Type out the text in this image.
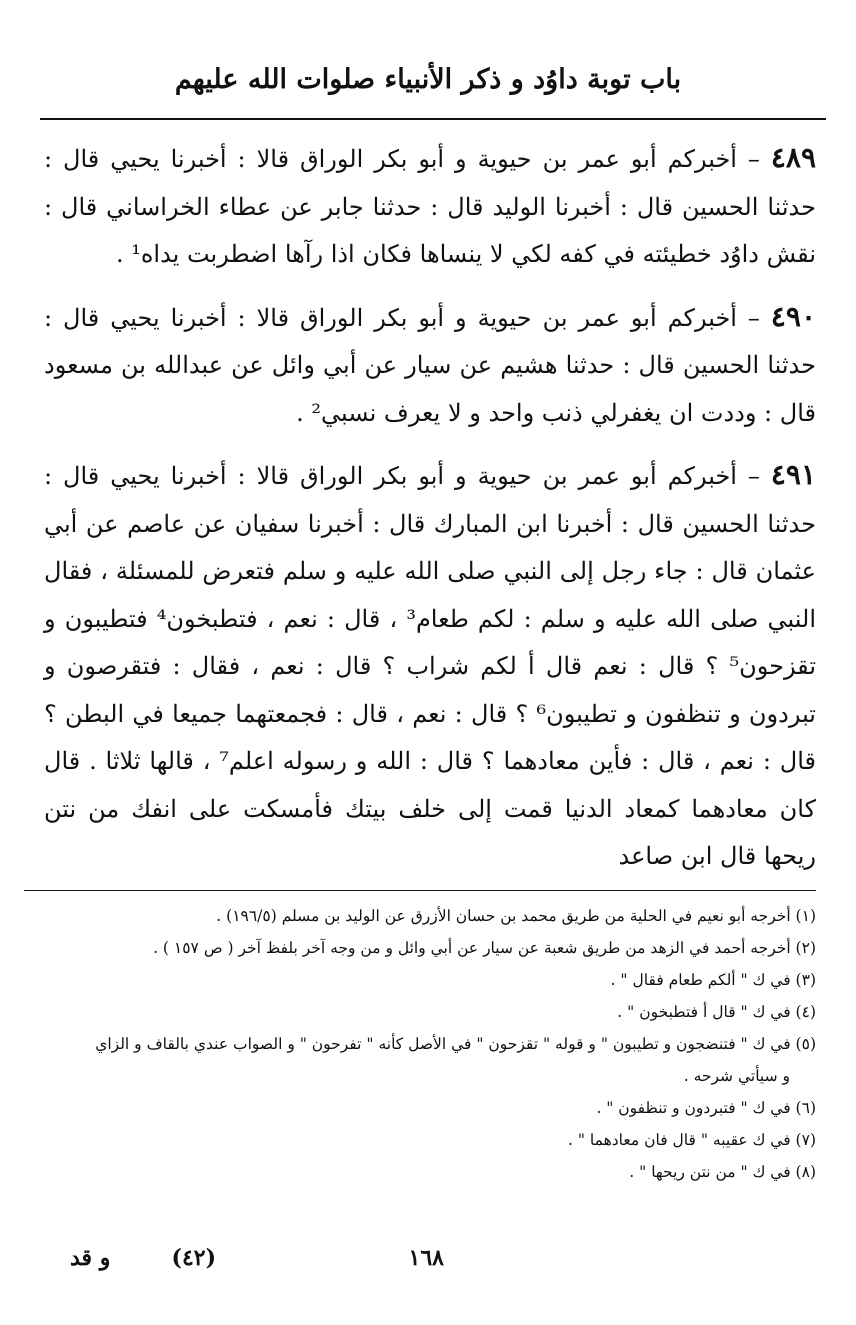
باب توبة داوُد و ذكر الأنبياء صلوات الله عليهم

٤٨٩ – أخبركم أبو عمر بن حيوية و أبو بكر الوراق قالا : أخبرنا يحيي قال : حدثنا الحسين قال : أخبرنا الوليد قال : حدثنا جابر عن عطاء الخراساني قال : نقش داوُد خطيئته في كفه لكي لا ينساها فكان اذا رآها اضطربت يداه¹ .

٤٩٠ – أخبركم أبو عمر بن حيوية و أبو بكر الوراق قالا : أخبرنا يحيي قال : حدثنا الحسين قال : حدثنا هشيم عن سيار عن أبي وائل عن عبدالله بن مسعود قال : وددت ان يغفرلي ذنب واحد و لا يعرف نسبي² .

٤٩١ – أخبركم أبو عمر بن حيوية و أبو بكر الوراق قالا : أخبرنا يحيي قال : حدثنا الحسين قال : أخبرنا ابن المبارك قال : أخبرنا سفيان عن عاصم عن أبي عثمان قال : جاء رجل إلى النبي صلى الله عليه و سلم فتعرض للمسئلة ، فقال النبي صلى الله عليه و سلم : لكم طعام³ ، قال : نعم ، فتطبخون⁴ فتطيبون و تقزحون⁵ ؟ قال : نعم قال أ لكم شراب ؟ قال : نعم ، فقال : فتقرصون و تبردون و تنظفون و تطيبون⁶ ؟ قال : نعم ، قال : فجمعتهما جميعا في البطن ؟ قال : نعم ، قال : فأين معادهما ؟ قال : الله و رسوله اعلم⁷ ، قالها ثلاثا . قال كان معادهما كمعاد الدنيا قمت إلى خلف بيتك فأمسكت على انفك من نتن ريحها قال ابن صاعد

(١) أخرجه أبو نعيم في الحلية من طريق محمد بن حسان الأزرق عن الوليد بن مسلم (١٩٦/٥) .

(٢) أخرجه أحمد في الزهد من طريق شعبة عن سيار عن أبي وائل و من وجه آخر بلفظ آخر ( ص ١٥٧ ) .

(٣) في ك " ألكم طعام فقال " .

(٤) في ك " قال أ فتطبخون " .

(٥) في ك " فتنضجون و تطيبون " و قوله " تقزحون " في الأصل كأنه " تفرحون " و الصواب عندي بالقاف و الزاي

و سيأتي شرحه .

(٦) في ك " فتبردون و تنظفون " .

(٧) في ك عقيبه " قال فان معادهما " .

(٨) في ك " من نتن ريحها " .

١٦٨
(٤٢)
و قد
